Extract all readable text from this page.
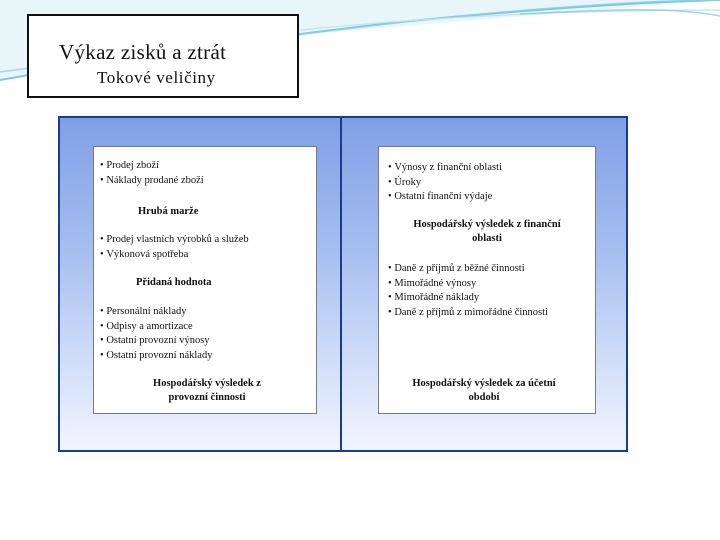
Výkaz zisků a ztrát
Tokové veličiny
• Prodej zboží
• Náklady prodané zboží
Hrubá marže
• Prodej vlastních výrobků a služeb
• Výkonová spotřeba
Přidaná hodnota
• Personální náklady
• Odpisy a amortizace
• Ostatní provozní výnosy
• Ostatní provozní náklady
Hospodářský výsledek z
provozní činnosti
• Výnosy z finanční oblasti
• Úroky
• Ostatní finanční výdaje
Hospodářský výsledek z finanční
oblasti
• Daně z příjmů z běžné činnosti
• Mimořádné výnosy
• Mimořádné náklady
• Daně z příjmů z mimořádné činnosti
Hospodářský výsledek za účetní
období
